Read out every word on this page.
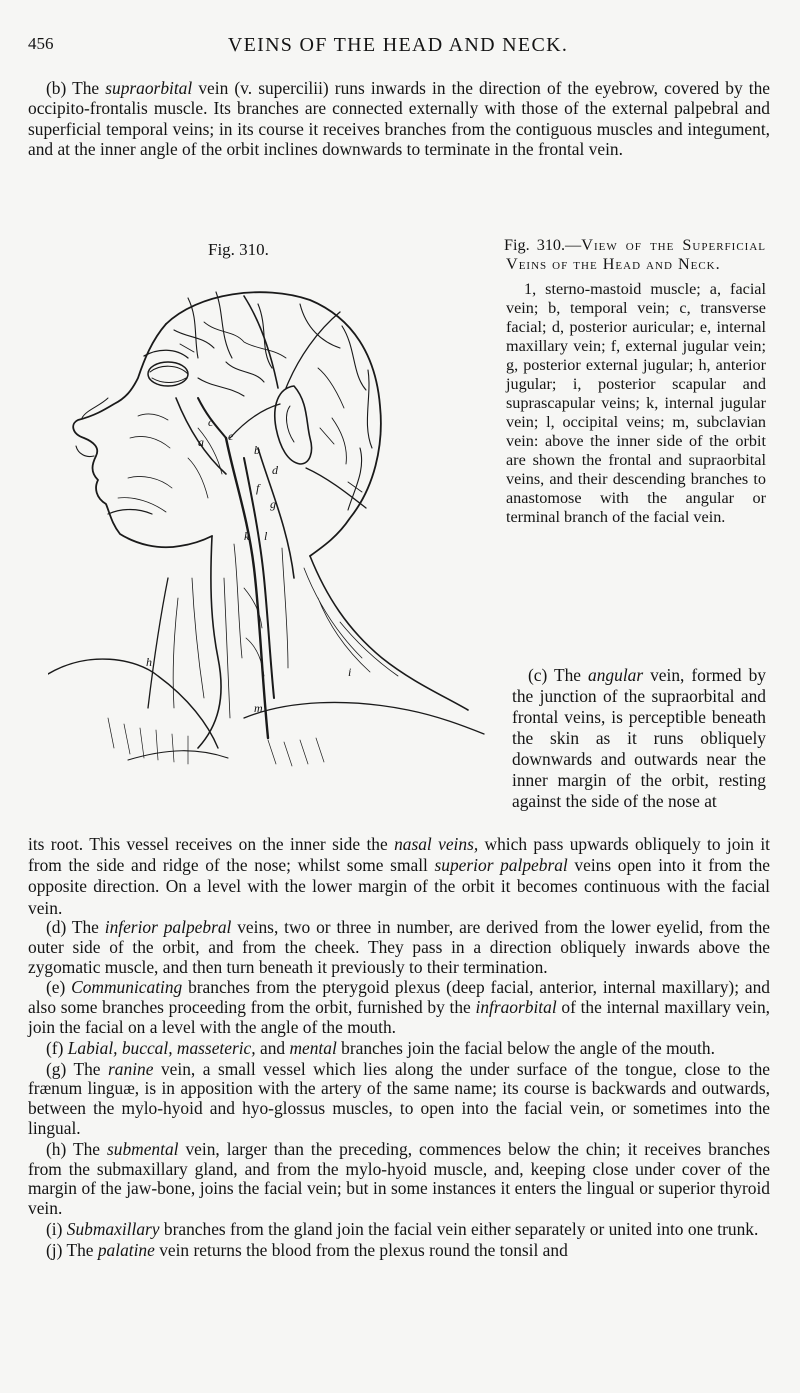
456	VEINS OF THE HEAD AND NECK.

(b) The supraorbital vein (v. supercilii) runs inwards in the direction of the eyebrow, covered by the occipito-frontalis muscle. Its branches are connected externally with those of the external palpebral and superficial temporal veins; in its course it receives branches from the contiguous muscles and integument, and at the inner angle of the orbit inclines downwards to terminate in the frontal vein.

Fig. 310.
a
b
c
d
e
f
g
h
i
k l
m

Fig. 310.—View of the Superficial Veins of the Head and Neck.
1, sterno-mastoid muscle; a, facial vein; b, temporal vein; c, transverse facial; d, posterior auricular; e, internal maxillary vein; f, external jugular vein; g, posterior external jugular; h, anterior jugular; i, posterior scapular and suprascapular veins; k, internal jugular vein; l, occipital veins; m, subclavian vein: above the inner side of the orbit are shown the frontal and supraorbital veins, and their descending branches to anastomose with the angular or terminal branch of the facial vein.

(c) The angular vein, formed by the junction of the supraorbital and frontal veins, is perceptible beneath the skin as it runs obliquely downwards and outwards near the inner margin of the orbit, resting against the side of the nose at

its root. This vessel receives on the inner side the nasal veins, which pass upwards obliquely to join it from the side and ridge of the nose; whilst some small superior palpebral veins open into it from the opposite direction. On a level with the lower margin of the orbit it becomes continuous with the facial vein.

(d) The inferior palpebral veins, two or three in number, are derived from the lower eyelid, from the outer side of the orbit, and from the cheek. They pass in a direction obliquely inwards above the zygomatic muscle, and then turn beneath it previously to their termination.
(e) Communicating branches from the pterygoid plexus (deep facial, anterior, internal maxillary); and also some branches proceeding from the orbit, furnished by the infraorbital of the internal maxillary vein, join the facial on a level with the angle of the mouth.
(f) Labial, buccal, masseteric, and mental branches join the facial below the angle of the mouth.
(g) The ranine vein, a small vessel which lies along the under surface of the tongue, close to the frænum linguæ, is in apposition with the artery of the same name; its course is backwards and outwards, between the mylo-hyoid and hyo-glossus muscles, to open into the facial vein, or sometimes into the lingual.
(h) The submental vein, larger than the preceding, commences below the chin; it receives branches from the submaxillary gland, and from the mylo-hyoid muscle, and, keeping close under cover of the margin of the jaw-bone, joins the facial vein; but in some instances it enters the lingual or superior thyroid vein.
(i) Submaxillary branches from the gland join the facial vein either separately or united into one trunk.
(j) The palatine vein returns the blood from the plexus round the tonsil and
